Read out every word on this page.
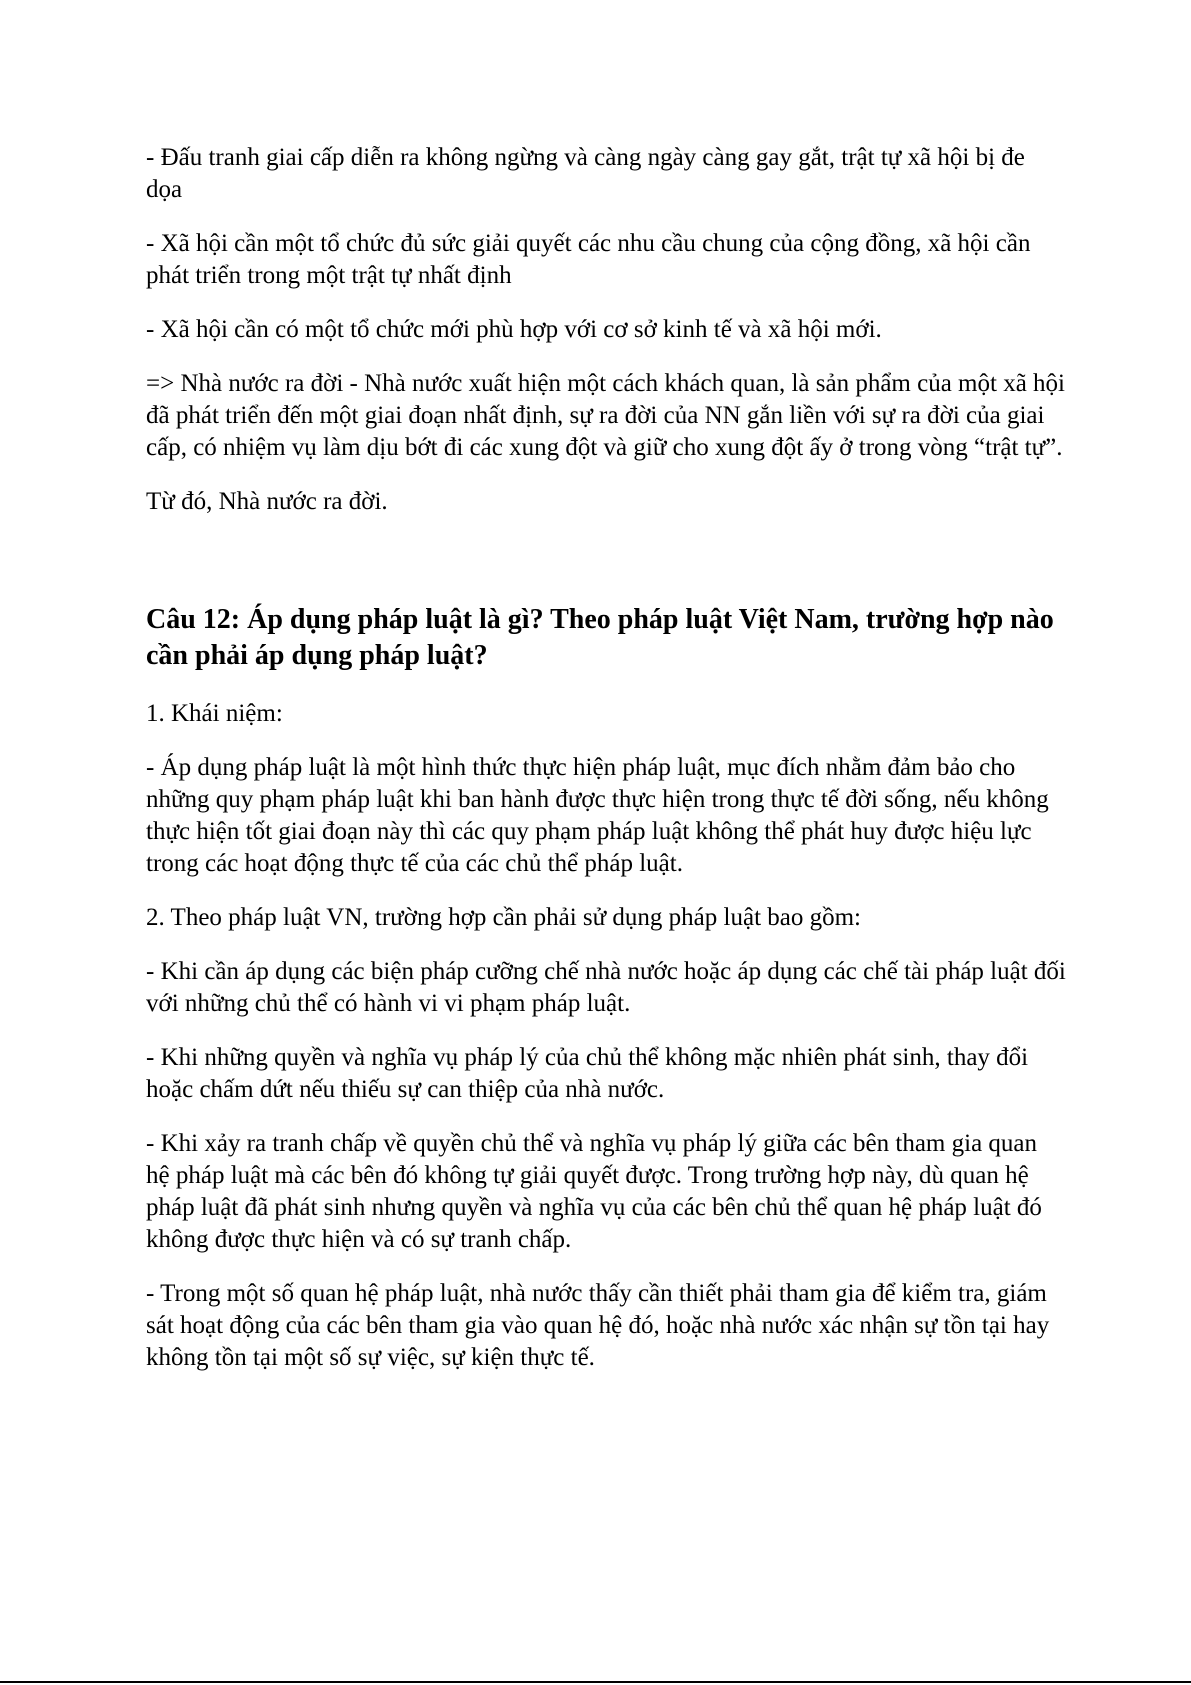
- Đấu tranh giai cấp diễn ra không ngừng và càng ngày càng gay gắt, trật tự xã hội bị đe dọa

- Xã hội cần một tổ chức đủ sức giải quyết các nhu cầu chung của cộng đồng, xã hội cần phát triển trong một trật tự nhất định

- Xã hội cần có một tổ chức mới phù hợp với cơ sở kinh tế và xã hội mới.

=> Nhà nước ra đời - Nhà nước xuất hiện một cách khách quan, là sản phẩm của một xã hội đã phát triển đến một giai đoạn nhất định, sự ra đời của NN gắn liền với sự ra đời của giai cấp, có nhiệm vụ làm dịu bớt đi các xung đột và giữ cho xung đột ấy ở trong vòng “trật tự”.

Từ đó, Nhà nước ra đời.

Câu 12: Áp dụng pháp luật là gì? Theo pháp luật Việt Nam, trường hợp nào cần phải áp dụng pháp luật?

1. Khái niệm:

- Áp dụng pháp luật là một hình thức thực hiện pháp luật, mục đích nhằm đảm bảo cho những quy phạm pháp luật khi ban hành được thực hiện trong thực tế đời sống, nếu không thực hiện tốt giai đoạn này thì các quy phạm pháp luật không thể phát huy được hiệu lực trong các hoạt động thực tế của các chủ thể pháp luật.

2. Theo pháp luật VN, trường hợp cần phải sử dụng pháp luật bao gồm:

- Khi cần áp dụng các biện pháp cưỡng chế nhà nước hoặc áp dụng các chế tài pháp luật đối với những chủ thể có hành vi vi phạm pháp luật.

- Khi những quyền và nghĩa vụ pháp lý của chủ thể không mặc nhiên phát sinh, thay đổi hoặc chấm dứt nếu thiếu sự can thiệp của nhà nước.

- Khi xảy ra tranh chấp về quyền chủ thể và nghĩa vụ pháp lý giữa các bên tham gia quan hệ pháp luật mà các bên đó không tự giải quyết được. Trong trường hợp này, dù quan hệ pháp luật đã phát sinh nhưng quyền và nghĩa vụ của các bên chủ thể quan hệ pháp luật đó không được thực hiện và có sự tranh chấp.

- Trong một số quan hệ pháp luật, nhà nước thấy cần thiết phải tham gia để kiểm tra, giám sát hoạt động của các bên tham gia vào quan hệ đó, hoặc nhà nước xác nhận sự tồn tại hay không tồn tại một số sự việc, sự kiện thực tế.
